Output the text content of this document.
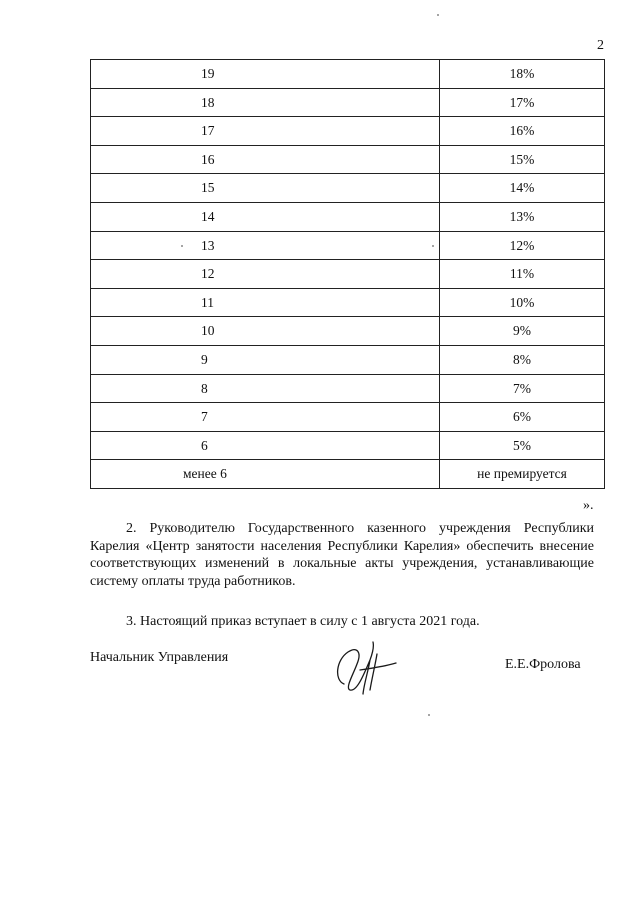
2
19	18%
18	17%
17	16%
16	15%
15	14%
14	13%
13	12%
12	11%
11	10%
10	9%
9	8%
8	7%
7	6%
6	5%
менее 6	не премируется
».

2. Руководителю Государственного казенного учреждения Республики Карелия «Центр занятости населения Республики Карелия» обеспечить внесение соответствующих изменений в локальные акты учреждения, устанавливающие систему оплаты труда работников.

3. Настоящий приказ вступает в силу с 1 августа 2021 года.

Начальник Управления	Е.Е.Фролова
